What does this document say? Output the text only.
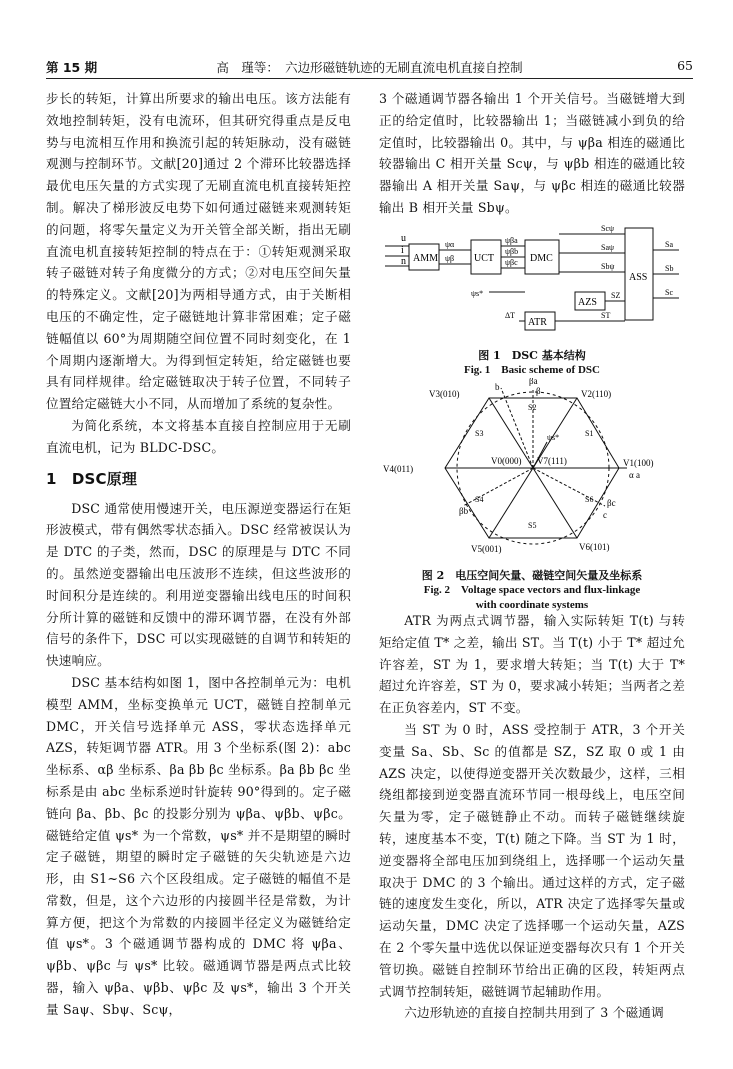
第 15 期	高　瑾等：　六边形磁链轨迹的无刷直流电机直接自控制	65

步长的转矩，计算出所要求的输出电压。该方法能有效地控制转矩，没有电流环，但其研究得重点是反电势与电流相互作用和换流引起的转矩脉动，没有磁链观测与控制环节。文献[20]通过 2 个滞环比较器选择最优电压矢量的方式实现了无刷直流电机直接转矩控制。解决了梯形波反电势下如何通过磁链来观测转矩的问题，将零矢量定义为开关管全部关断，指出无刷直流电机直接转矩控制的特点在于：①转矩观测采取转子磁链对转子角度微分的方式；②对电压空间矢量的特殊定义。文献[20]为两相导通方式，由于关断相电压的不确定性，定子磁链地计算非常困难；定子磁链幅值以 60°为周期随空间位置不同时刻变化，在 1 个周期内逐渐增大。为得到恒定转矩，给定磁链也要具有同样规律。给定磁链取决于转子位置，不同转子位置给定磁链大小不同，从而增加了系统的复杂性。

为简化系统，本文将基本直接自控制应用于无刷直流电机，记为 BLDC-DSC。

1　DSC原理

DSC 通常使用慢速开关，电压源逆变器运行在矩形波模式，带有偶然零状态插入。DSC 经常被误认为是 DTC 的子类，然而，DSC 的原理是与 DTC 不同的。虽然逆变器输出电压波形不连续，但这些波形的时间积分是连续的。利用逆变器输出线电压的时间积分所计算的磁链和反馈中的滞环调节器，在没有外部信号的条件下，DSC 可以实现磁链的自调节和转矩的快速响应。

DSC 基本结构如图 1，图中各控制单元为：电机模型 AMM，坐标变换单元 UCT，磁链自控制单元 DMC，开关信号选择单元 ASS，零状态选择单元 AZS，转矩调节器 ATR。用 3 个坐标系(图 2)：abc 坐标系、αβ 坐标系、βa βb βc 坐标系。βa βb βc 坐标系是由 abc 坐标系逆时针旋转 90°得到的。定子磁链向 βa、βb、βc 的投影分别为 ψβa、ψβb、ψβc。磁链给定值 ψs* 为一个常数，ψs* 并不是期望的瞬时定子磁链，期望的瞬时定子磁链的矢尖轨迹是六边形，由 S1~S6 六个区段组成。定子磁链的幅值不是常数，但是，这个六边形的内接圆半径是常数，为计算方便，把这个为常数的内接圆半径定义为磁链给定值 ψs*。3 个磁通调节器构成的 DMC 将 ψβa、ψβb、ψβc 与 ψs* 比较。磁通调节器是两点式比较器，输入 ψβa、ψβb、ψβc 及 ψs*，输出 3 个开关量 Saψ、Sbψ、Scψ，

3 个磁通调节器各输出 1 个开关信号。当磁链增大到正的给定值时，比较器输出 1；当磁链减小到负的给定值时，比较器输出 0。其中，与 ψβa 相连的磁通比较器输出 C 相开关量 Scψ，与 ψβb 相连的磁通比较器输出 A 相开关量 Saψ，与 ψβc 相连的磁通比较器输出 B 相开关量 Sbψ。

u
i
n AMM	UCT	DMC
ASS
AZS
ATR
ψα
ψβ
ψβa
ψβb
ψβc
Scψ
Saψ
Sbψ
Sa
Sb
Sc
SZ
ST
ψs*
ΔT
图 1　DSC 基本结构
Fig. 1　Basic scheme of DSC
V3(010)	V2(110)
V1(100)
V4(011)
V5(001)	V6(101)
V0(000) V7(111)
α a
β
b
c
βa
βb
βc
S2
S3	S1
S4	S6
S5
ψs*
图 2　电压空间矢量、磁链空间矢量及坐标系
Fig. 2　Voltage space vectors and flux-linkage
with coordinate systems

ATR 为两点式调节器，输入实际转矩 T(t) 与转矩给定值 T* 之差，输出 ST。当 T(t) 小于 T* 超过允许容差，ST 为 1，要求增大转矩；当 T(t) 大于 T* 超过允许容差，ST 为 0，要求减小转矩；当两者之差在正负容差内，ST 不变。

当 ST 为 0 时，ASS 受控制于 ATR，3 个开关变量 Sa、Sb、Sc 的值都是 SZ，SZ 取 0 或 1 由 AZS 决定，以使得逆变器开关次数最少，这样，三相绕组都接到逆变器直流环节同一根母线上，电压空间矢量为零，定子磁链静止不动。而转子磁链继续旋转，速度基本不变，T(t) 随之下降。当 ST 为 1 时，逆变器将全部电压加到绕组上，选择哪一个运动矢量取决于 DMC 的 3 个输出。通过这样的方式，定子磁链的速度发生变化，所以，ATR 决定了选择零矢量或运动矢量，DMC 决定了选择哪一个运动矢量，AZS 在 2 个零矢量中选优以保证逆变器每次只有 1 个开关管切换。磁链自控制环节给出正确的区段，转矩两点式调节控制转矩，磁链调节起辅助作用。

六边形轨迹的直接自控制共用到了 3 个磁通调
